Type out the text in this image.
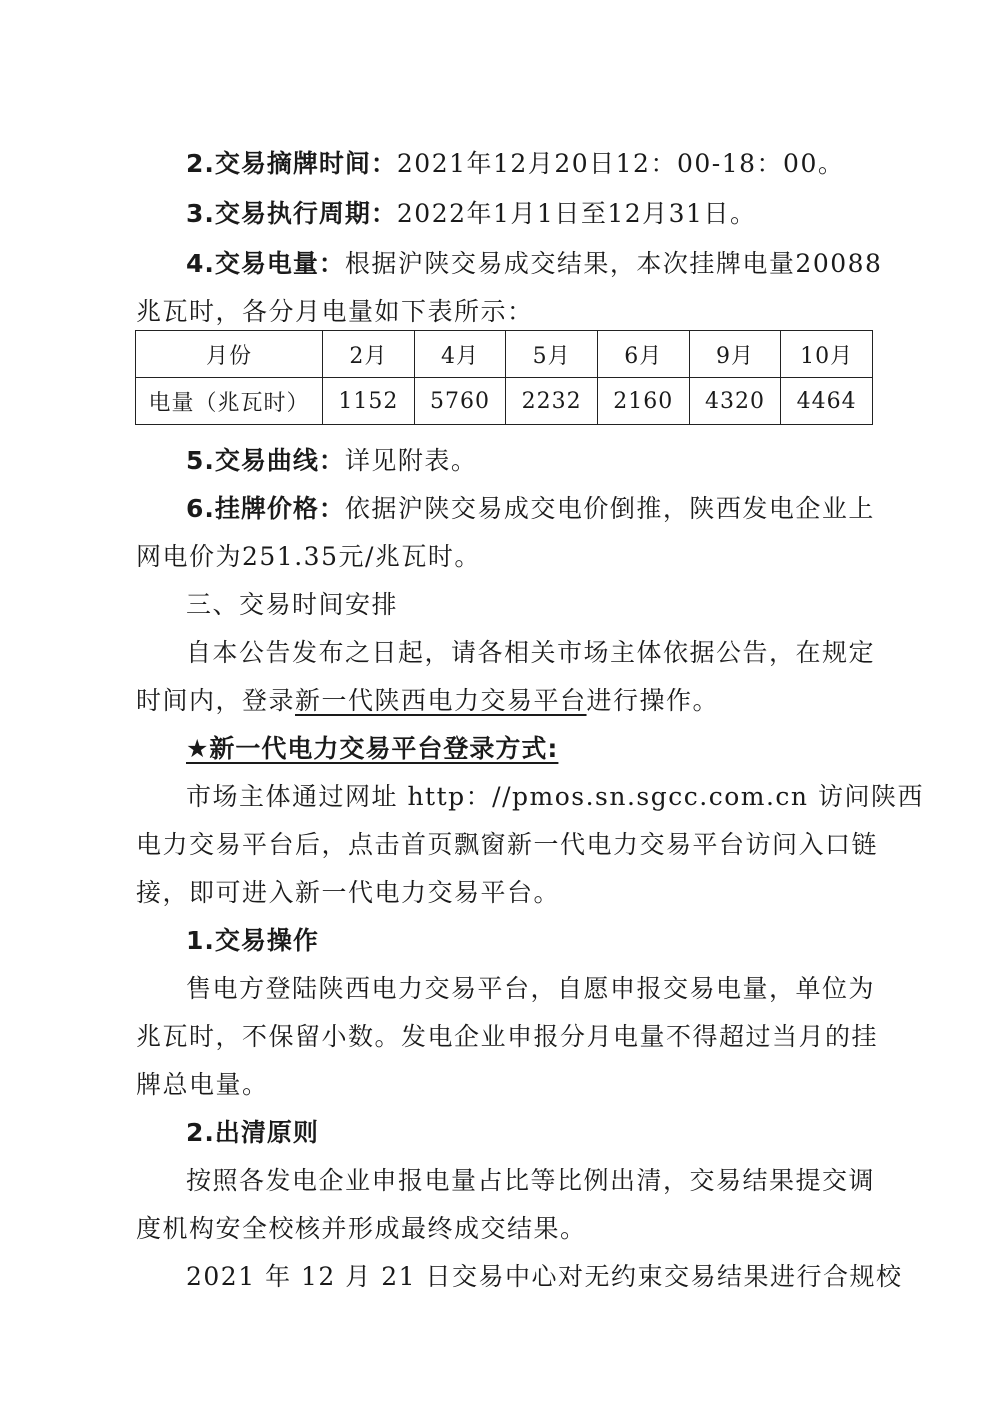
2.交易摘牌时间：2021年12月20日12：00-18：00。
3.交易执行周期：2022年1月1日至12月31日。
4.交易电量：根据沪陕交易成交结果，本次挂牌电量20088
兆瓦时，各分月电量如下表所示：
月份	2月	4月	5月	6月	9月	10月
电量（兆瓦时）	1152	5760	2232	2160	4320	4464
5.交易曲线：详见附表。
6.挂牌价格：依据沪陕交易成交电价倒推，陕西发电企业上
网电价为251.35元/兆瓦时。
三、交易时间安排
自本公告发布之日起，请各相关市场主体依据公告，在规定
时间内，登录新一代陕西电力交易平台进行操作。
★新一代电力交易平台登录方式:
市场主体通过网址 http：//pmos.sn.sgcc.com.cn 访问陕西
电力交易平台后，点击首页飘窗新一代电力交易平台访问入口链
接，即可进入新一代电力交易平台。
1.交易操作
售电方登陆陕西电力交易平台，自愿申报交易电量，单位为
兆瓦时，不保留小数。发电企业申报分月电量不得超过当月的挂
牌总电量。
2.出清原则
按照各发电企业申报电量占比等比例出清，交易结果提交调
度机构安全校核并形成最终成交结果。
2021 年 12 月 21 日交易中心对无约束交易结果进行合规校
